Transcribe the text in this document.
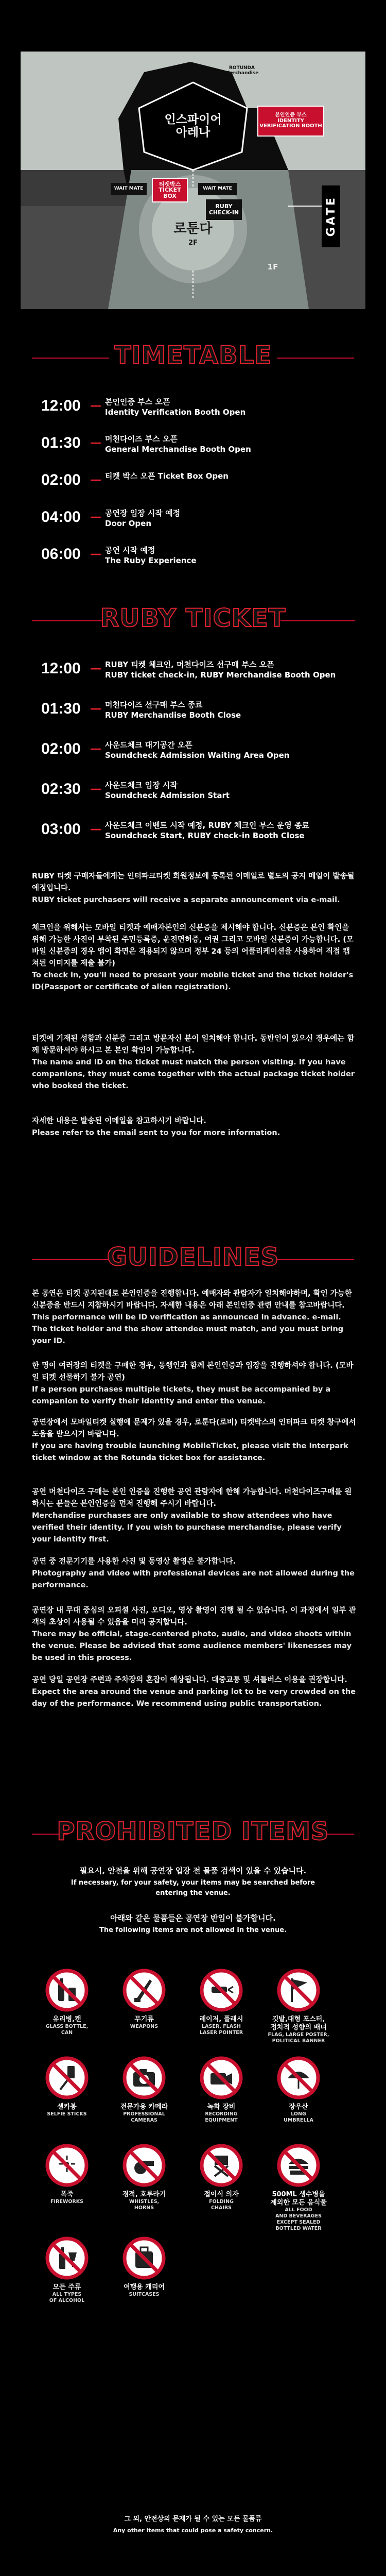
ROTUNDA Merchandise
인스파이어
아레나
본인인증 부스
IDENTITY
VERIFICATION BOOTH
WAIT MATE
티켓박스
TICKET BOX
WAIT MATE
RUBY
CHECK-IN
로툰다
2F
1F
GATE
TIMETABLE
12:00 — 본인인증 부스 오픈
Identity Verification Booth Open
01:30 — 머천다이즈 부스 오픈
General Merchandise Booth Open
02:00 — 티켓 박스 오픈 Ticket Box Open
04:00 — 공연장 입장 시작 예정
Door Open
06:00 — 공연 시작 예정
The Ruby Experience
RUBY TICKET
12:00 — RUBY 티켓 체크인, 머천다이즈 선구매 부스 오픈
RUBY ticket check-in, RUBY Merchandise Booth Open
01:30 — 머천다이즈 선구매 부스 종료
RUBY Merchandise Booth Close
02:00 — 사운드체크 대기공간 오픈
Soundcheck Admission Waiting Area Open
02:30 — 사운드체크 입장 시작
Soundcheck Admission Start
03:00 — 사운드체크 이벤트 시작 예정, RUBY 체크인 부스 운영 종료
Soundcheck Start, RUBY check-in Booth Close
RUBY 티켓 구매자들에게는 인터파크티켓 회원정보에 등록된 이메일로 별도의 공지 메일이 발송될 예정입니다.
RUBY ticket purchasers will receive a separate announcement via e-mail.
체크인을 위해서는 모바일 티켓과 예매자본인의 신분증을 제시해야 합니다. 신분증은 본인 확인을 위해 가능한 사진이 부착된 주민등록증, 운전면허증, 여권 그리고 모바일 신분증이 가능합니다. (모바일 신분증의 경우 앱이 화면은 적용되지 않으며 정부 24 등의 어플리케이션을 사용하여 직접 캡쳐된 이미지를 제출 불가)
To check in, you'll need to present your mobile ticket and the ticket holder's ID(Passport or certificate of alien registration).
티켓에 기재된 성함과 신분증 그리고 방문자신 분이 일치해야 합니다. 동반인이 있으신 경우에는 함께 방문하셔야 하시고 본 본인 확인이 가능합니다.
The name and ID on the ticket must match the person visiting. If you have companions, they must come together with the actual package ticket holder who booked the ticket.
자세한 내용은 발송된 이메일을 참고하시기 바랍니다.
Please refer to the email sent to you for more information.
GUIDELINES
본 공연은 티켓 공지된대로 본인인증을 진행합니다. 예매자와 관람자가 일치해야하며, 확인 가능한 신분증을 반드시 지참하시기 바랍니다. 자세한 내용은 아래 본인인증 관련 안내를 참고바랍니다.
This performance will be ID verification as announced in advance. e-mail. The ticket holder and the show attendee must match, and you must bring your ID.
한 명이 여러장의 티켓을 구매한 경우, 동행인과 함께 본인인증과 입장을 진행하셔야 합니다. (모바일 티켓 선물하기 불가 공연)
If a person purchases multiple tickets, they must be accompanied by a companion to verify their identity and enter the venue.
공연장에서 모바일티켓 실행에 문제가 있을 경우, 로툰다(로비) 티켓박스의 인터파크 티켓 창구에서 도움을 받으시기 바랍니다.
If you are having trouble launching MobileTicket, please visit the Interpark ticket window at the Rotunda ticket box for assistance.
공연 머천다이즈 구매는 본인 인증을 진행한 공연 관람자에 한해 가능합니다. 머천다이즈구매를 원하시는 분들은 본인인증을 먼저 진행해 주시기 바랍니다.
Merchandise purchases are only available to show attendees who have verified their identity. If you wish to purchase merchandise, please verify your identity first.
공연 중 전문기기를 사용한 사진 및 동영상 촬영은 불가합니다.
Photography and video with professional devices are not allowed during the performance.
공연장 내 무대 중심의 오피셜 사진, 오디오, 영상 촬영이 진행 될 수 있습니다. 이 과정에서 일부 관객의 초상이 사용될 수 있음을 미리 공지합니다.
There may be official, stage-centered photo, audio, and video shoots within the venue. Please be advised that some audience members' likenesses may be used in this process.
공연 당일 공연장 주변과 주차장의 혼잡이 예상됩니다. 대중교통 및 셔틀버스 이용을 권장합니다.
Expect the area around the venue and parking lot to be very crowded on the day of the performance. We recommend using public transportation.
PROHIBITED ITEMS
필요시, 안전을 위해 공연장 입장 전 물품 검색이 있을 수 있습니다.
If necessary, for your safety, your items may be searched before
entering the venue.
아래와 같은 물품들은 공연장 반입이 불가합니다.
The following items are not allowed in the venue.
유리병,캔
GLASS BOTTLE,
CAN
무기류
WEAPONS
레이저, 플래시
LASER, FLASH
LASER POINTER
깃발,대형 포스터,
정치적 성향의 배너
FLAG, LARGE POSTER,
POLITICAL BANNER
셀카봉
SELFIE STICKS
전문가용 카메라
PROFESSIONAL
CAMERAS
녹화 장비
RECORDING
EQUIPMENT
장우산
LONG
UMBRELLA
폭죽
FIREWORKS
경적, 호루라기
WHISTLES,
HORNS
접이식 의자
FOLDING
CHAIRS
500ML 생수병을
제외한 모든 음식물
ALL FOOD
AND BEVERAGES
EXCEPT SEALED
BOTTLED WATER
모든 주류
ALL TYPES
OF ALCOHOL
여행용 캐리어
SUITCASES
그 외, 안전상의 문제가 될 수 있는 모든 물품류
Any other items that could pose a safety concern.
